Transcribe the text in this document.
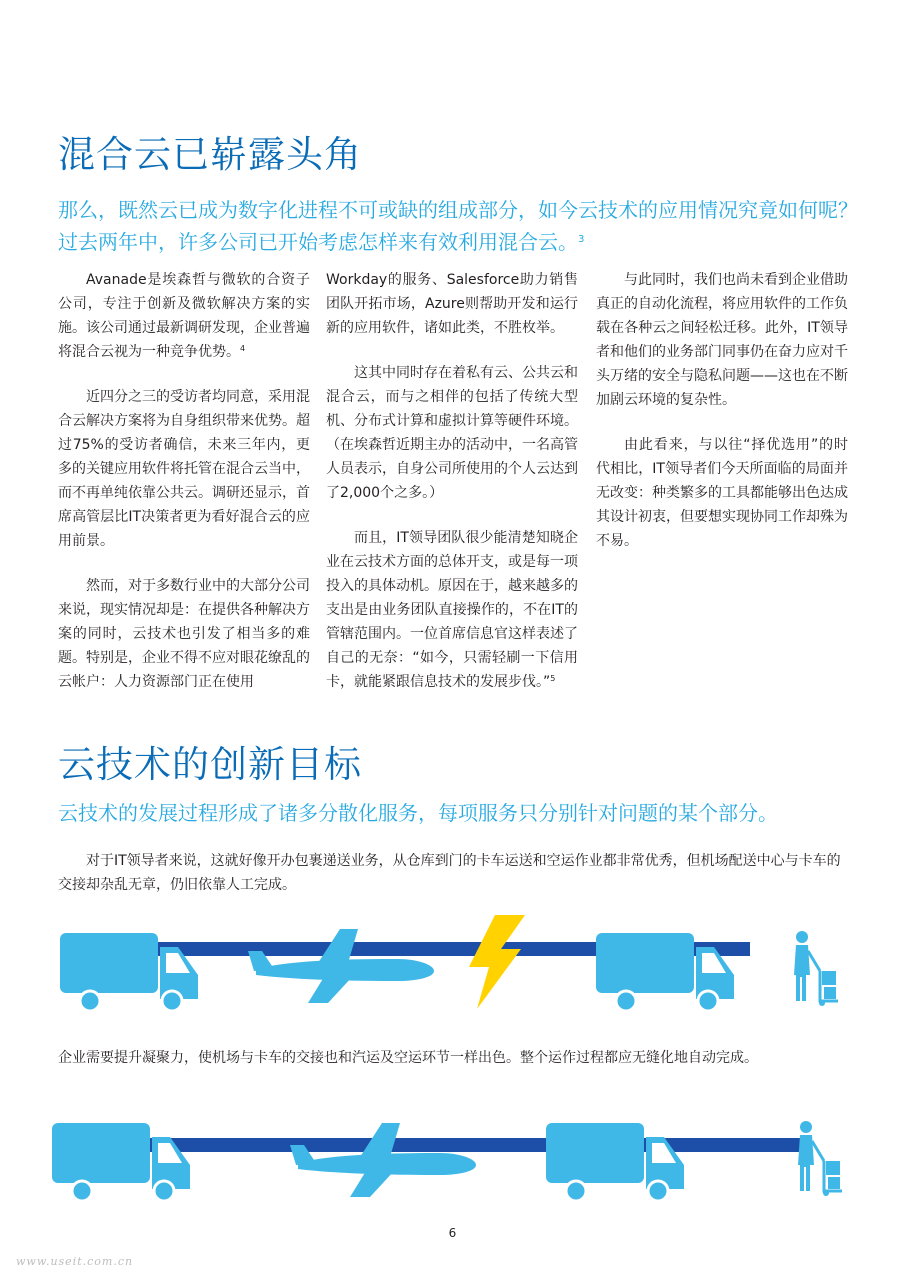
混合云已崭露头角

那么，既然云已成为数字化进程不可或缺的组成部分，如今云技术的应用情况究竟如何呢？过去两年中，许多公司已开始考虑怎样来有效利用混合云。$^3$

Avanade是埃森哲与微软的合资子公司，专注于创新及微软解决方案的实施。该公司通过最新调研发现，企业普遍将混合云视为一种竞争优势。$^4$

近四分之三的受访者均同意，采用混合云解决方案将为自身组织带来优势。超过75%的受访者确信，未来三年内，更多的关键应用软件将托管在混合云当中，而不再单纯依靠公共云。调研还显示，首席高管层比IT决策者更为看好混合云的应用前景。

然而，对于多数行业中的大部分公司来说，现实情况却是：在提供各种解决方案的同时，云技术也引发了相当多的难题。特别是，企业不得不应对眼花缭乱的云帐户：人力资源部门正在使用

Workday的服务、Salesforce助力销售团队开拓市场，Azure则帮助开发和运行新的应用软件，诸如此类，不胜枚举。

这其中同时存在着私有云、公共云和混合云，而与之相伴的包括了传统大型机、分布式计算和虚拟计算等硬件环境。（在埃森哲近期主办的活动中，一名高管人员表示，自身公司所使用的个人云达到了2,000个之多。）

而且，IT领导团队很少能清楚知晓企业在云技术方面的总体开支，或是每一项投入的具体动机。原因在于，越来越多的支出是由业务团队直接操作的，不在IT的管辖范围内。一位首席信息官这样表述了自己的无奈：“如今，只需轻刷一下信用卡，就能紧跟信息技术的发展步伐。”$^5$

与此同时，我们也尚未看到企业借助真正的自动化流程，将应用软件的工作负载在各种云之间轻松迁移。此外，IT领导者和他们的业务部门同事仍在奋力应对千头万绪的安全与隐私问题——这也在不断加剧云环境的复杂性。

由此看来，与以往“择优选用”的时代相比，IT领导者们今天所面临的局面并无改变：种类繁多的工具都能够出色达成其设计初衷，但要想实现协同工作却殊为不易。

云技术的创新目标

云技术的发展过程形成了诸多分散化服务，每项服务只分别针对问题的某个部分。

对于IT领导者来说，这就好像开办包裹递送业务，从仓库到门的卡车运送和空运作业都非常优秀，但机场配送中心与卡车的交接却杂乱无章，仍旧依靠人工完成。

企业需要提升凝聚力，使机场与卡车的交接也和汽运及空运环节一样出色。整个运作过程都应无缝化地自动完成。

6
www.useit.com.cn
